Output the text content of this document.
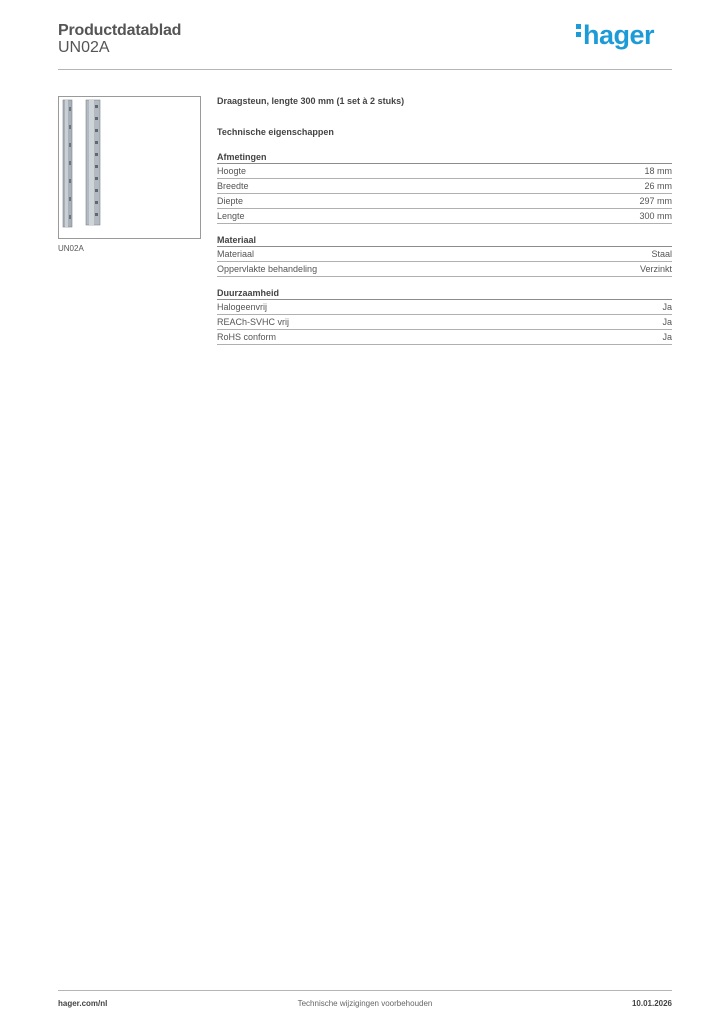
Productdatablad
UN02A	hager
UN02A
Draagsteun, lengte 300 mm (1 set à 2 stuks)
Technische eigenschappen
Afmetingen
Hoogte	18 mm
Breedte	26 mm
Diepte	297 mm
Lengte	300 mm
Materiaal
Materiaal	Staal
Oppervlakte behandeling	Verzinkt
Duurzaamheid
Halogeenvrij	Ja
REACh-SVHC vrij	Ja
RoHS conform	Ja
hager.com/nl	Technische wijzigingen voorbehouden	10.01.2026
